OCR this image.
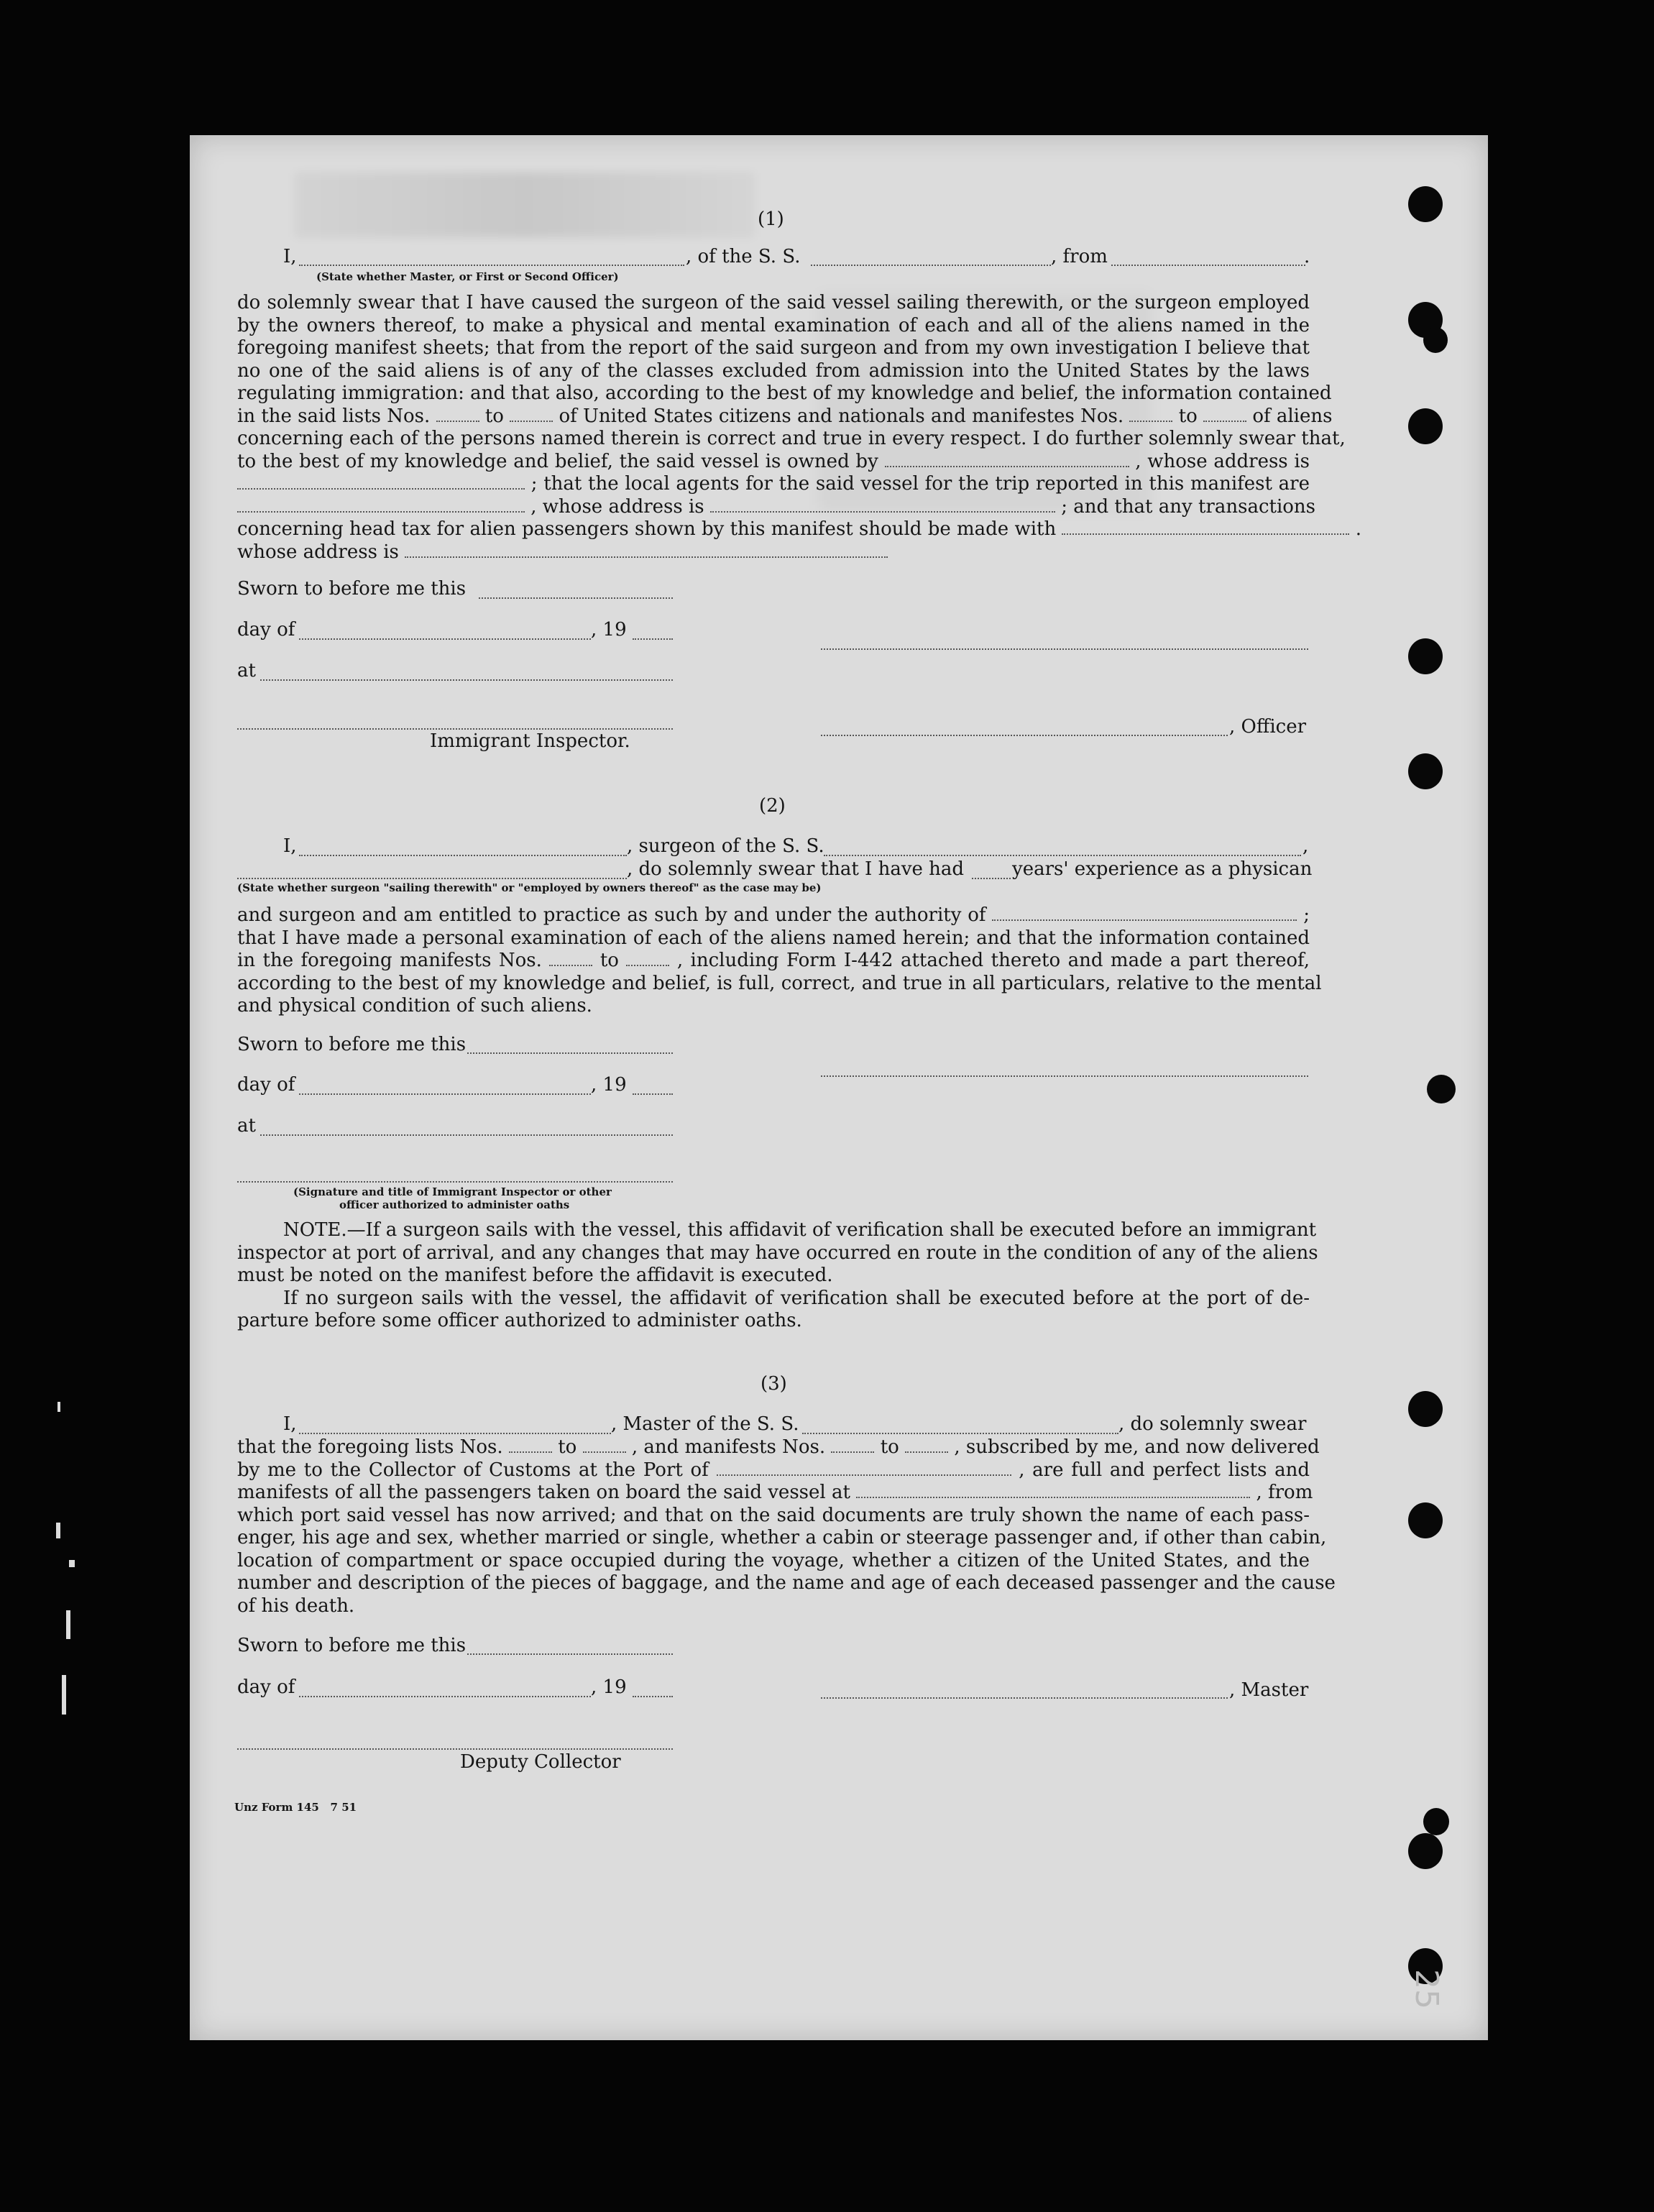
(1)
I,	, of the S. S.	, from	.
(State whether Master, or First or Second Officer)
do solemnly swear that I have caused the surgeon of the said vessel sailing therewith, or the surgeon employed
by the owners thereof, to make a physical and mental examination of each and all of the aliens named in the
foregoing manifest sheets; that from the report of the said surgeon and from my own investigation I believe that
no one of the said aliens is of any of the classes excluded from admission into the United States by the laws
regulating immigration: and that also, according to the best of my knowledge and belief, the information contained
in the said lists Nos.	to	of United States citizens and nationals and manifestes Nos.	to	of aliens
concerning each of the persons named therein is correct and true in every respect. I do further solemnly swear that,
to the best of my knowledge and belief, the said vessel is owned by	, whose address is
; that the local agents for the said vessel for the trip reported in this manifest are
, whose address is	; and that any transactions
concerning head tax for alien passengers shown by this manifest should be made with	.
whose address is
Sworn to before me this
day of	, 19
at
Immigrant Inspector.
, Officer
(2)
I,	, surgeon of the S. S.	,
, do solemnly swear that I have had	years' experience as a physican
(State whether surgeon "sailing therewith" or "employed by owners thereof" as the case may be)
and surgeon and am entitled to practice as such by and under the authority of	;
that I have made a personal examination of each of the aliens named herein; and that the information contained
in the foregoing manifests Nos.	to	, including Form I-442 attached thereto and made a part thereof,
according to the best of my knowledge and belief, is full, correct, and true in all particulars, relative to the mental
and physical condition of such aliens.
Sworn to before me this
day of	, 19
at
(Signature and title of Immigrant Inspector or other
officer authorized to administer oaths
NOTE.—If a surgeon sails with the vessel, this affidavit of verification shall be executed before an immigrant
inspector at port of arrival, and any changes that may have occurred en route in the condition of any of the aliens
must be noted on the manifest before the affidavit is executed.
If no surgeon sails with the vessel, the affidavit of verification shall be executed before at the port of de-
parture before some officer authorized to administer oaths.
(3)
I,	, Master of the S. S.	, do solemnly swear
that the foregoing lists Nos.	to	, and manifests Nos.	to	, subscribed by me, and now delivered
by me to the Collector of Customs at the Port of	, are full and perfect lists and
manifests of all the passengers taken on board the said vessel at	, from
which port said vessel has now arrived; and that on the said documents are truly shown the name of each pass-
enger, his age and sex, whether married or single, whether a cabin or steerage passenger and, if other than cabin,
location of compartment or space occupied during the voyage, whether a citizen of the United States, and the
number and description of the pieces of baggage, and the name and age of each deceased passenger and the cause
of his death.
Sworn to before me this
day of	, 19	, Master
Deputy Collector
Unz Form 145   7 51
25
